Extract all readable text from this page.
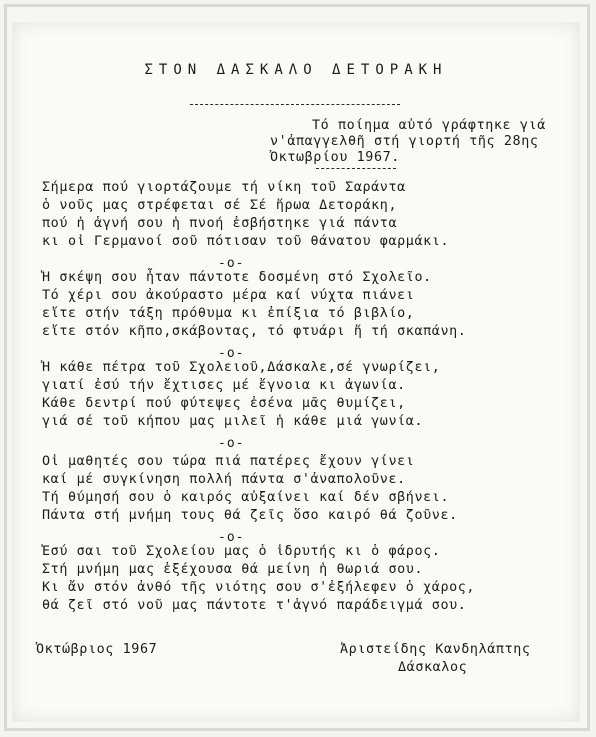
ΣΤΟΝ ΔΑΣΚΑΛΟ ΔΕΤΟΡΑΚΗ
Τό ποίημα αὐτό γράφτηκε γιά
ν'ἀπαγγελθῆ στή γιορτή τῆς 28ης
Ὀκτωβρίου 1967.
Σήμερα πού γιορτάζουμε τή νίκη τοῦ Σαράντα
ὁ νοῦς μας στρέφεται σέ Σέ ἥρωα Δετοράκη,
πού ἡ ἁγνή σου ἡ πνοή ἐσβήστηκε γιά πάντα
κι οἱ Γερμανοί σοῦ πότισαν τοῦ θάνατου φαρμάκι.
-o-
Ἡ σκέψη σου ἦταν πάντοτε δοσμένη στό Σχολεῖο.
Τό χέρι σου ἀκούραστο μέρα καί νύχτα πιάνει
εἴτε στήν τάξη πρόθυμα κι ἐπίξια τό βιβλίο,
εἴτε στόν κῆπο,σκάβοντας, τό φτυάρι ἤ τή σκαπάνη.
-o-
Ἡ κάθε πέτρα τοῦ Σχολειοῦ,Δάσκαλε,σέ γνωρίζει,
γιατί ἐσύ τήν ἔχτισες μέ ἔγνοια κι ἀγωνία.
Κάθε δεντρί πού φύτεψες ἐσένα μᾶς θυμίζει,
γιά σέ τοῦ κήπου μας μιλεῖ ἡ κάθε μιά γωνία.
-o-
Οἱ μαθητές σου τώρα πιά πατέρες ἔχουν γίνει
καί μέ συγκίνηση πολλή πάντα σ'ἀναπολοῦνε.
Τή θύμησή σου ὁ καιρός αὐξαίνει καί δέν σβήνει.
Πάντα στή μνήμη τους θά ζεῖς ὅσο καιρό θά ζοῦνε.
-o-
Ἐσύ σαι τοῦ Σχολείου μας ὁ ἱδρυτής κι ὁ φάρος.
Στή μνήμη μας ἐξέχουσα θά μείνη ἡ θωριά σου.
Κι ἄν στόν ἀνθό τῆς νιότης σου σ'ἐξήλεφεν ὁ χάρος,
θά ζεῖ στό νοῦ μας πάντοτε τ'ἁγνό παράδειγμά σου.
Ὀκτώβριος 1967	Ἀριστείδης Κανδηλάπτης
Δάσκαλος
